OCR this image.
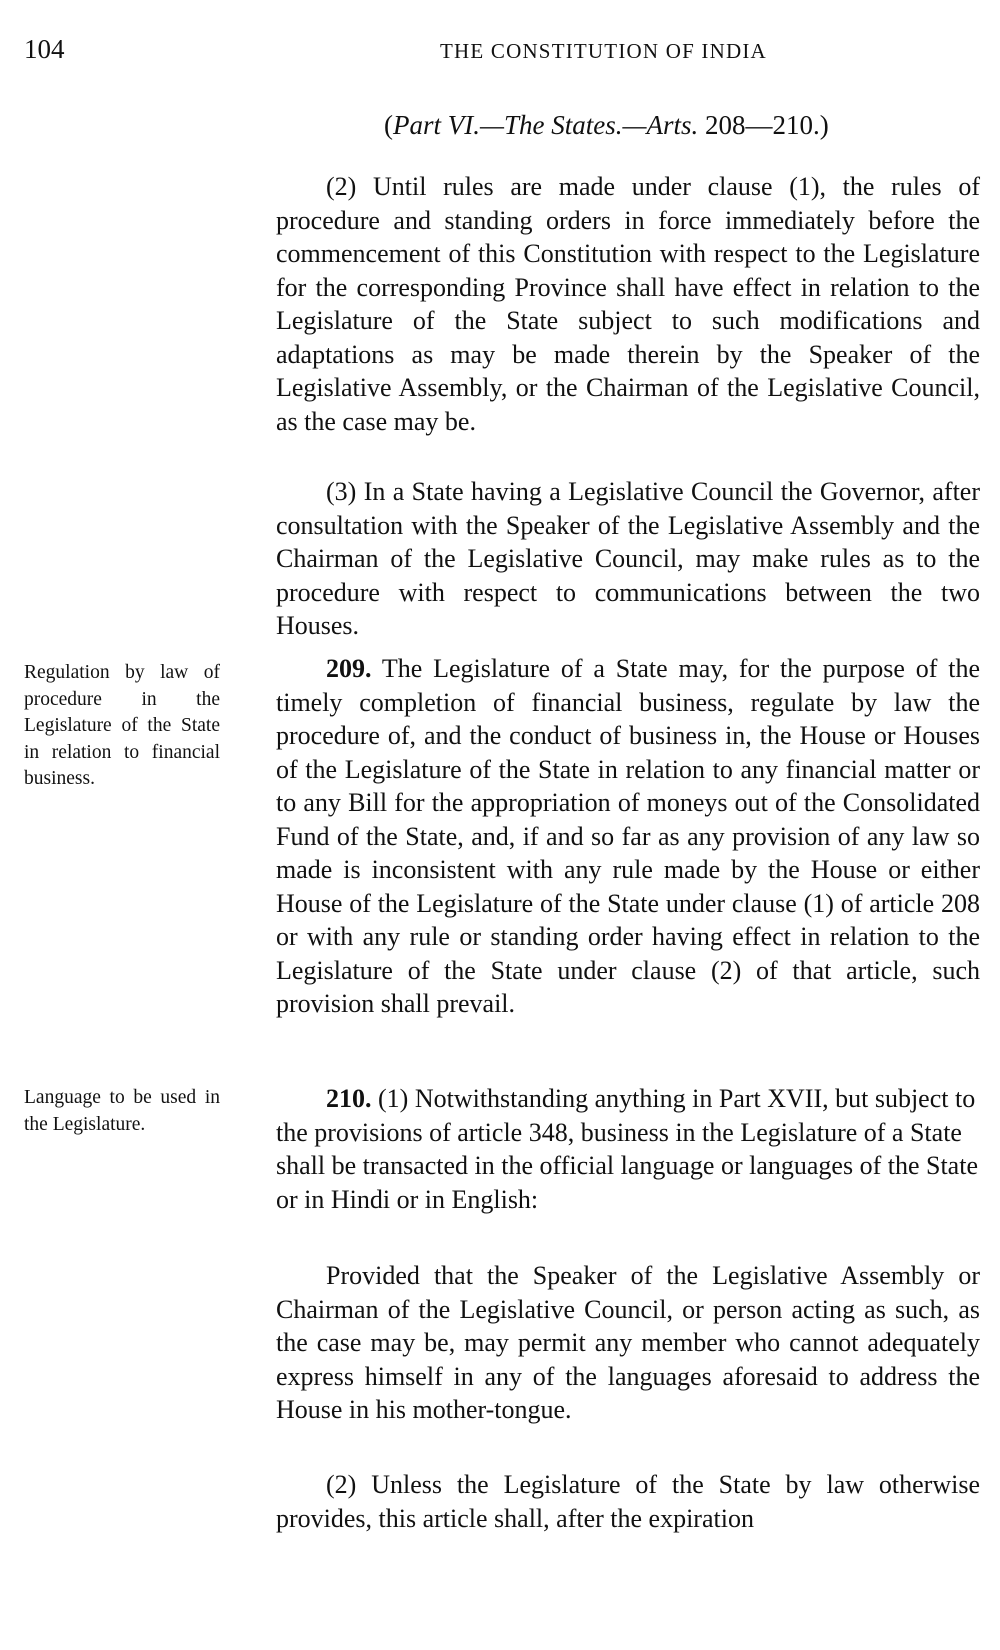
104	THE CONSTITUTION OF INDIA
(Part VI.—The States.—Arts. 208—210.)

(2) Until rules are made under clause (1), the rules of procedure and standing orders in force immediately before the commencement of this Constitution with respect to the Legislature for the corresponding Province shall have effect in relation to the Legislature of the State subject to such modifications and adaptations as may be made therein by the Speaker of the Legislative Assembly, or the Chairman of the Legislative Council, as the case may be.

(3) In a State having a Legislative Council the Governor, after consultation with the Speaker of the Legislative Assembly and the Chairman of the Legislative Council, may make rules as to the procedure with respect to communications between the two Houses.

Regulation by law of procedure in the Legislature of the State in relation to financial business.

209. The Legislature of a State may, for the purpose of the timely completion of financial business, regulate by law the procedure of, and the conduct of business in, the House or Houses of the Legislature of the State in relation to any financial matter or to any Bill for the appropriation of moneys out of the Consolidated Fund of the State, and, if and so far as any provision of any law so made is inconsistent with any rule made by the House or either House of the Legislature of the State under clause (1) of article 208 or with any rule or standing order having effect in relation to the Legislature of the State under clause (2) of that article, such provision shall prevail.

Language to be used in the Legislature.

210. (1) Notwithstanding anything in Part XVII, but subject to the provisions of article 348, business in the Legislature of a State shall be transacted in the official language or languages of the State or in Hindi or in English:

Provided that the Speaker of the Legislative Assembly or Chairman of the Legislative Council, or person acting as such, as the case may be, may permit any member who cannot adequately express himself in any of the languages aforesaid to address the House in his mother-tongue.

(2) Unless the Legislature of the State by law otherwise provides, this article shall, after the expiration
